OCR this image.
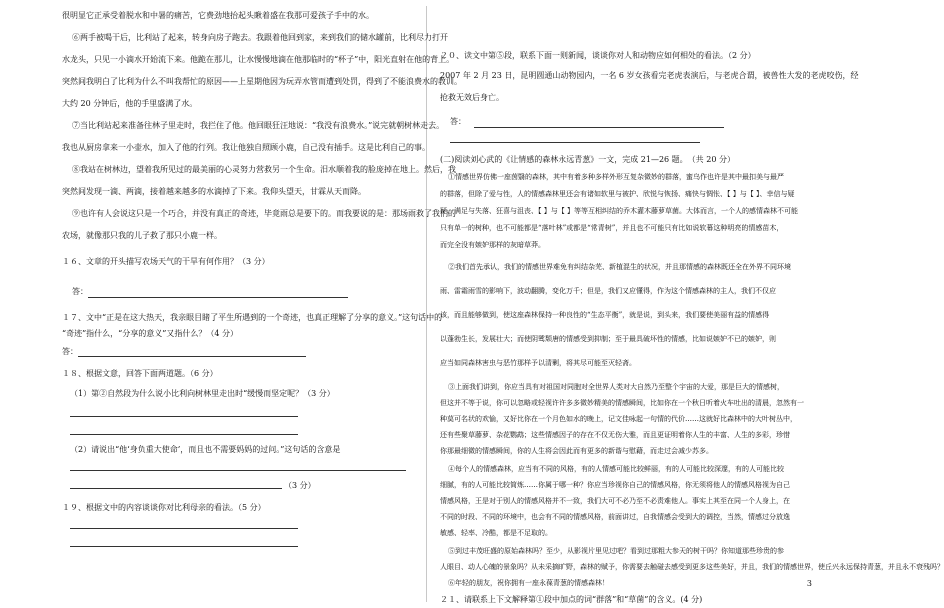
很明显它正承受着脱水和中暑的痛苦，它费劲地抬起头瞅着盛在我那可爱孩子手中的水。
⑥两手被喝干后，比利站了起来，转身向房子跑去。我跟着他回到家，来到我们的储水罐前，比利尽力打开
水龙头，只见一小滴水开始流下来。他跪在那儿，让水慢慢地滴在他那临时的“杯子”中，阳光直射在他的背上。
突然间我明白了比利为什么不叫我帮忙的原因——上星期他因为玩弄水管而遭到处罚，得到了不能浪费水的教训。
大约 20 分钟后，他的手里盛满了水。
⑦当比利站起来准备往林子里走时，我拦住了他。他回眼狂汪地说：“我没有浪费水。”说完就朝树林走去。
我也从厨房拿来一小壶水，加入了他的行列。我让他独自照顾小鹿，自己没有插手。这是比利自己的事。
⑧我站在树林边，望着我所见过的最美丽的心灵努力营救另一个生命。汨水顺着我的脸庞掉在地上。然后，我
突然间发现一滴、两滴，接着越来越多的水滴掉了下来。我仰头望天，甘霖从天而降。
⑨也许有人会说这只是一个巧合，并没有真正的奇迹，毕竟雨总是要下的。而我要说的是：那场雨救了我们的
农场，就像那只我的儿子救了那只小鹿一样。
１６、文章的开头描写农场天气的干旱有何作用？（3 分）
答：
１７、文中“正是在这大热天，我亲眼目睹了平生所遇到的一个奇迹，也真正理解了分享的意义。”这句话中的
“奇迹”指什么，“分享的意义”又指什么？（4 分）
答：
１８、根据文意，回答下面两道题。（6 分）
（1）第②自然段为什么说小比利向树林里走出时“缓慢而坚定呢？（3 分）
（2）请说出“他‘身负重大使命’，而且也不需要妈妈的过问。”这句话的含意是
（3 分）
１９、根据文中的内容谈谈你对比利母亲的看法。（5 分）
２０、读文中第⑤段，联系下面一则新闻，谈谈你对人和动物应如何相处的看法。（2 分）
2007 年 2 月 23 日，昆明圆通山动物园内，一名 6 岁女孩看完老虎表演后，与老虎合谓，被兽性大发的老虎咬伤，经
抢救无效后身亡。
答：
(二)阅读刘心武的《让情感的森林永远青葱》一文，完成 21—26 题。　（共 20 分）
①情感世界仿佛一座茵翳的森林，其中有着多种多样外形互复杂微妙的群落，蜜乌作也许是其中最扣美与最严
的群落，但除了爱与性，人的情感森林里还会有诸如软里与被护、欣悦与恢扬、痛快与惆怅、【 】与【 】、幸信与疑
疑、满足与失落、狂喜与沮丧、【 】与【 】等等互相纠结的乔木灌木藤萝草菌。大体而言，一个人的感情森林不可能
只有单一的树种，也不可能都是“落叶林”或都是“常青树”，并且也不可能只有比如说软幕这种明亮的情感苗木，
而完全没有嫉妒那样的灰暗草莽。
②我们首先承认，我们的情感世界难免有纠结杂芜、新植混生的状况，并且那情感的森林既还全在外界不同环境
雨、雷霜雨雪的影响下，波动翻腾，变化万千；但是，我们又应懂得，作为这个情感森林的主人，我们不仅应
该，而且能够做到，使这座森林保持一种良性的“生态平衡”，就是说，到头来，我们要使美丽有益的情感得
以蓬勃生长，发展壮大；而使阴骘颓唐的情感受到抑制；至于最具破坏性的情感，比如说嫉妒不已的嫉妒，则
应当如同森林害虫与恶竹那样予以清剿，将其尽可能至灭轻斋。
③上面我们讲到，你应当具有对祖国对同胞对全世界人类对大自然乃至整个宇宙的大爱，那是巨大的情感树，
但这并不等于说，你可以忽略或轻视许许多多微妙精美的情感瞬间，比如你在一个秋日听着火车吐出的清晨，忽然有一
种莫可名状的欢愉，又好比你在一个月色如水的晚上，记文佳咏起一句情的代价……这就好比森林中的大叶树丛中，
还有些聚草藤萝、杂花鹦鹉；这些情感因子的存在不仅无伤大雅，而且更证明着你人生的丰富、人生的多彩，珍惜
你那最细微的情感瞬间，你的人生将会因此而有更多的新谐与慰藉，而走过会减少苏多。
④每个人的情感森林，应当有不同的风格，有的人情感可能比较鲜丽，有的人可能比较深邃，有的人可能比较
细腻，有的人可能比较简炼……你属于哪一种？你应当珍视你自己的情感风格，你无须将他人的情感风格视为自己
情感风格，王是对于别人的情感风格并不一致，我们大可不必乃至不必责难他人。事实上其至在同一个人身上，在
不同的时段、不同的环境中，也会有不同的情感风格，前面讲过，自我情感会受到大的调控，当然，情感过分放逸
敏感、轻率、冷酷，都是不足取的。
⑤到过丰茂旺盛的原始森林吗？至少，从影视片里见过吧？看到过那粗大参天的树干吗？你知道那些珍贵的参
人眼目、动人心魄的景象吗？从未采摘旷野，森林的赋予，你需要去触碰去感受到更多这些美好，并且，我们的情感世界，使丘兴永远保持青葱，并且永不衰残吗？
⑥年轻的朋友，祝你拥有一座永葆青葱的情感森林！
２１、请联系上下文解释第①段中加点的词“群落”和“草菌”的含义。(4 分)
3
